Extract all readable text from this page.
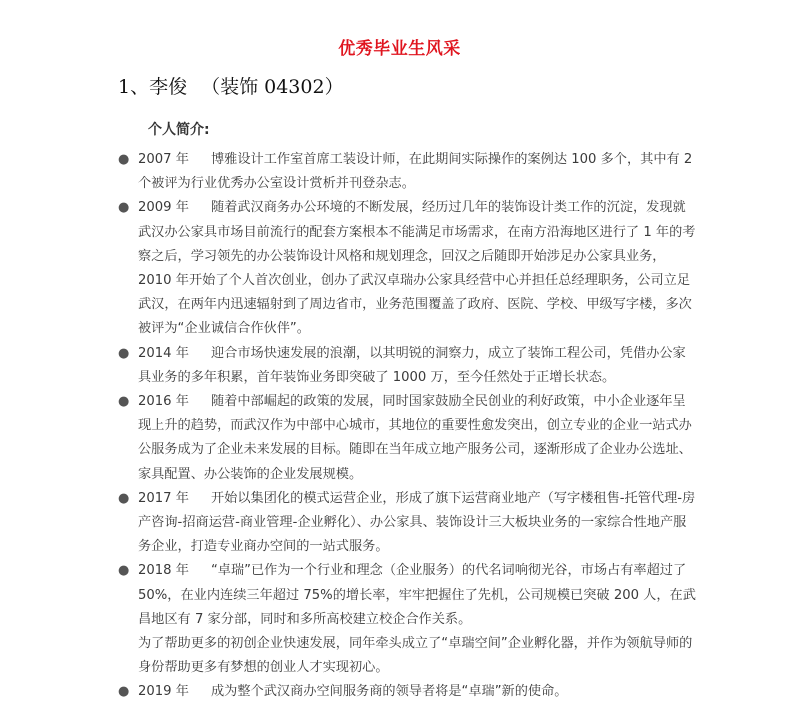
优秀毕业生风采
1、李俊 （装饰 04302）
个人简介:
● 2007 年 博雅设计工作室首席工装设计师，在此期间实际操作的案例达 100 多个，其中有 2 个被评为行业优秀办公室设计赏析并刊登杂志。
● 2009 年 随着武汉商务办公环境的不断发展，经历过几年的装饰设计类工作的沉淀，发现就武汉办公家具市场目前流行的配套方案根本不能满足市场需求，在南方沿海地区进行了 1 年的考察之后，学习领先的办公装饰设计风格和规划理念，回汉之后随即开始涉足办公家具业务， 2010 年开始了个人首次创业，创办了武汉卓瑞办公家具经营中心并担任总经理职务，公司立足武汉，在两年内迅速辐射到了周边省市，业务范围覆盖了政府、医院、学校、甲级写字楼，多次被评为“企业诚信合作伙伴”。
● 2014 年 迎合市场快速发展的浪潮，以其明锐的洞察力，成立了装饰工程公司，凭借办公家具业务的多年积累，首年装饰业务即突破了 1000 万，至今任然处于正增长状态。
● 2016 年 随着中部崛起的政策的发展，同时国家鼓励全民创业的利好政策，中小企业逐年呈现上升的趋势，而武汉作为中部中心城市，其地位的重要性愈发突出，创立专业的企业一站式办公服务成为了企业未来发展的目标。随即在当年成立地产服务公司，逐渐形成了企业办公选址、家具配置、办公装饰的企业发展规模。
● 2017 年 开始以集团化的模式运营企业，形成了旗下运营商业地产（写字楼租售-托管代理-房产咨询-招商运营-商业管理-企业孵化）、办公家具、装饰设计三大板块业务的一家综合性地产服务企业，打造专业商办空间的一站式服务。
● 2018 年 “卓瑞”已作为一个行业和理念（企业服务）的代名词响彻光谷，市场占有率超过了 50%，在业内连续三年超过 75%的增长率，牢牢把握住了先机，公司规模已突破 200 人，在武昌地区有 7 家分部，同时和多所高校建立校企合作关系。
为了帮助更多的初创企业快速发展，同年牵头成立了“卓瑞空间”企业孵化器，并作为领航导师的身份帮助更多有梦想的创业人才实现初心。
● 2019 年 成为整个武汉商办空间服务商的领导者将是“卓瑞”新的使命。
